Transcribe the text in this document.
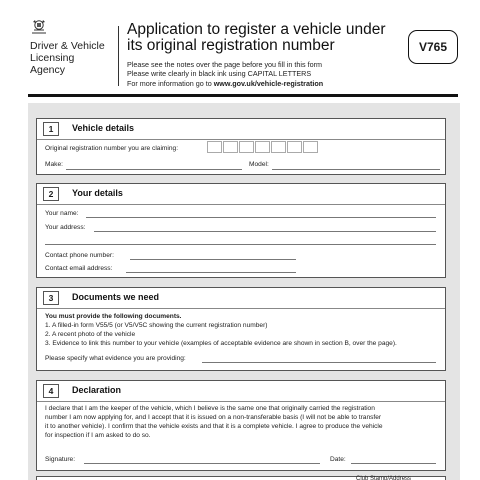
Driver & Vehicle
Licensing
Agency
Application to register a vehicle under
its original registration number
Please see the notes over the page before you fill in this form
Please write clearly in black ink using CAPITAL LETTERS
For more information go to www.gov.uk/vehicle-registration
V765
1	Vehicle details
Original registration number you are claiming:
Make:	Model:
2	Your details
Your name:
Your address:
Contact phone number:
Contact email address:
3	Documents we need
You must provide the following documents.
1. A filled-in form V55/5 (or V5/V5C showing the current registration number)
2. A recent photo of the vehicle
3. Evidence to link this number to your vehicle (examples of acceptable evidence are shown in section B, over the page).
Please specify what evidence you are providing:
4	Declaration
I declare that I am the keeper of the vehicle, which I believe is the same one that originally carried the registration
number I am now applying for, and I accept that it is issued on a non-transferable basis (I will not be able to transfer
it to another vehicle). I confirm that the vehicle exists and that it is a complete vehicle. I agree to produce the vehicle
for inspection if I am asked to do so.
Signature:	Date:
Club Stamp/Address
